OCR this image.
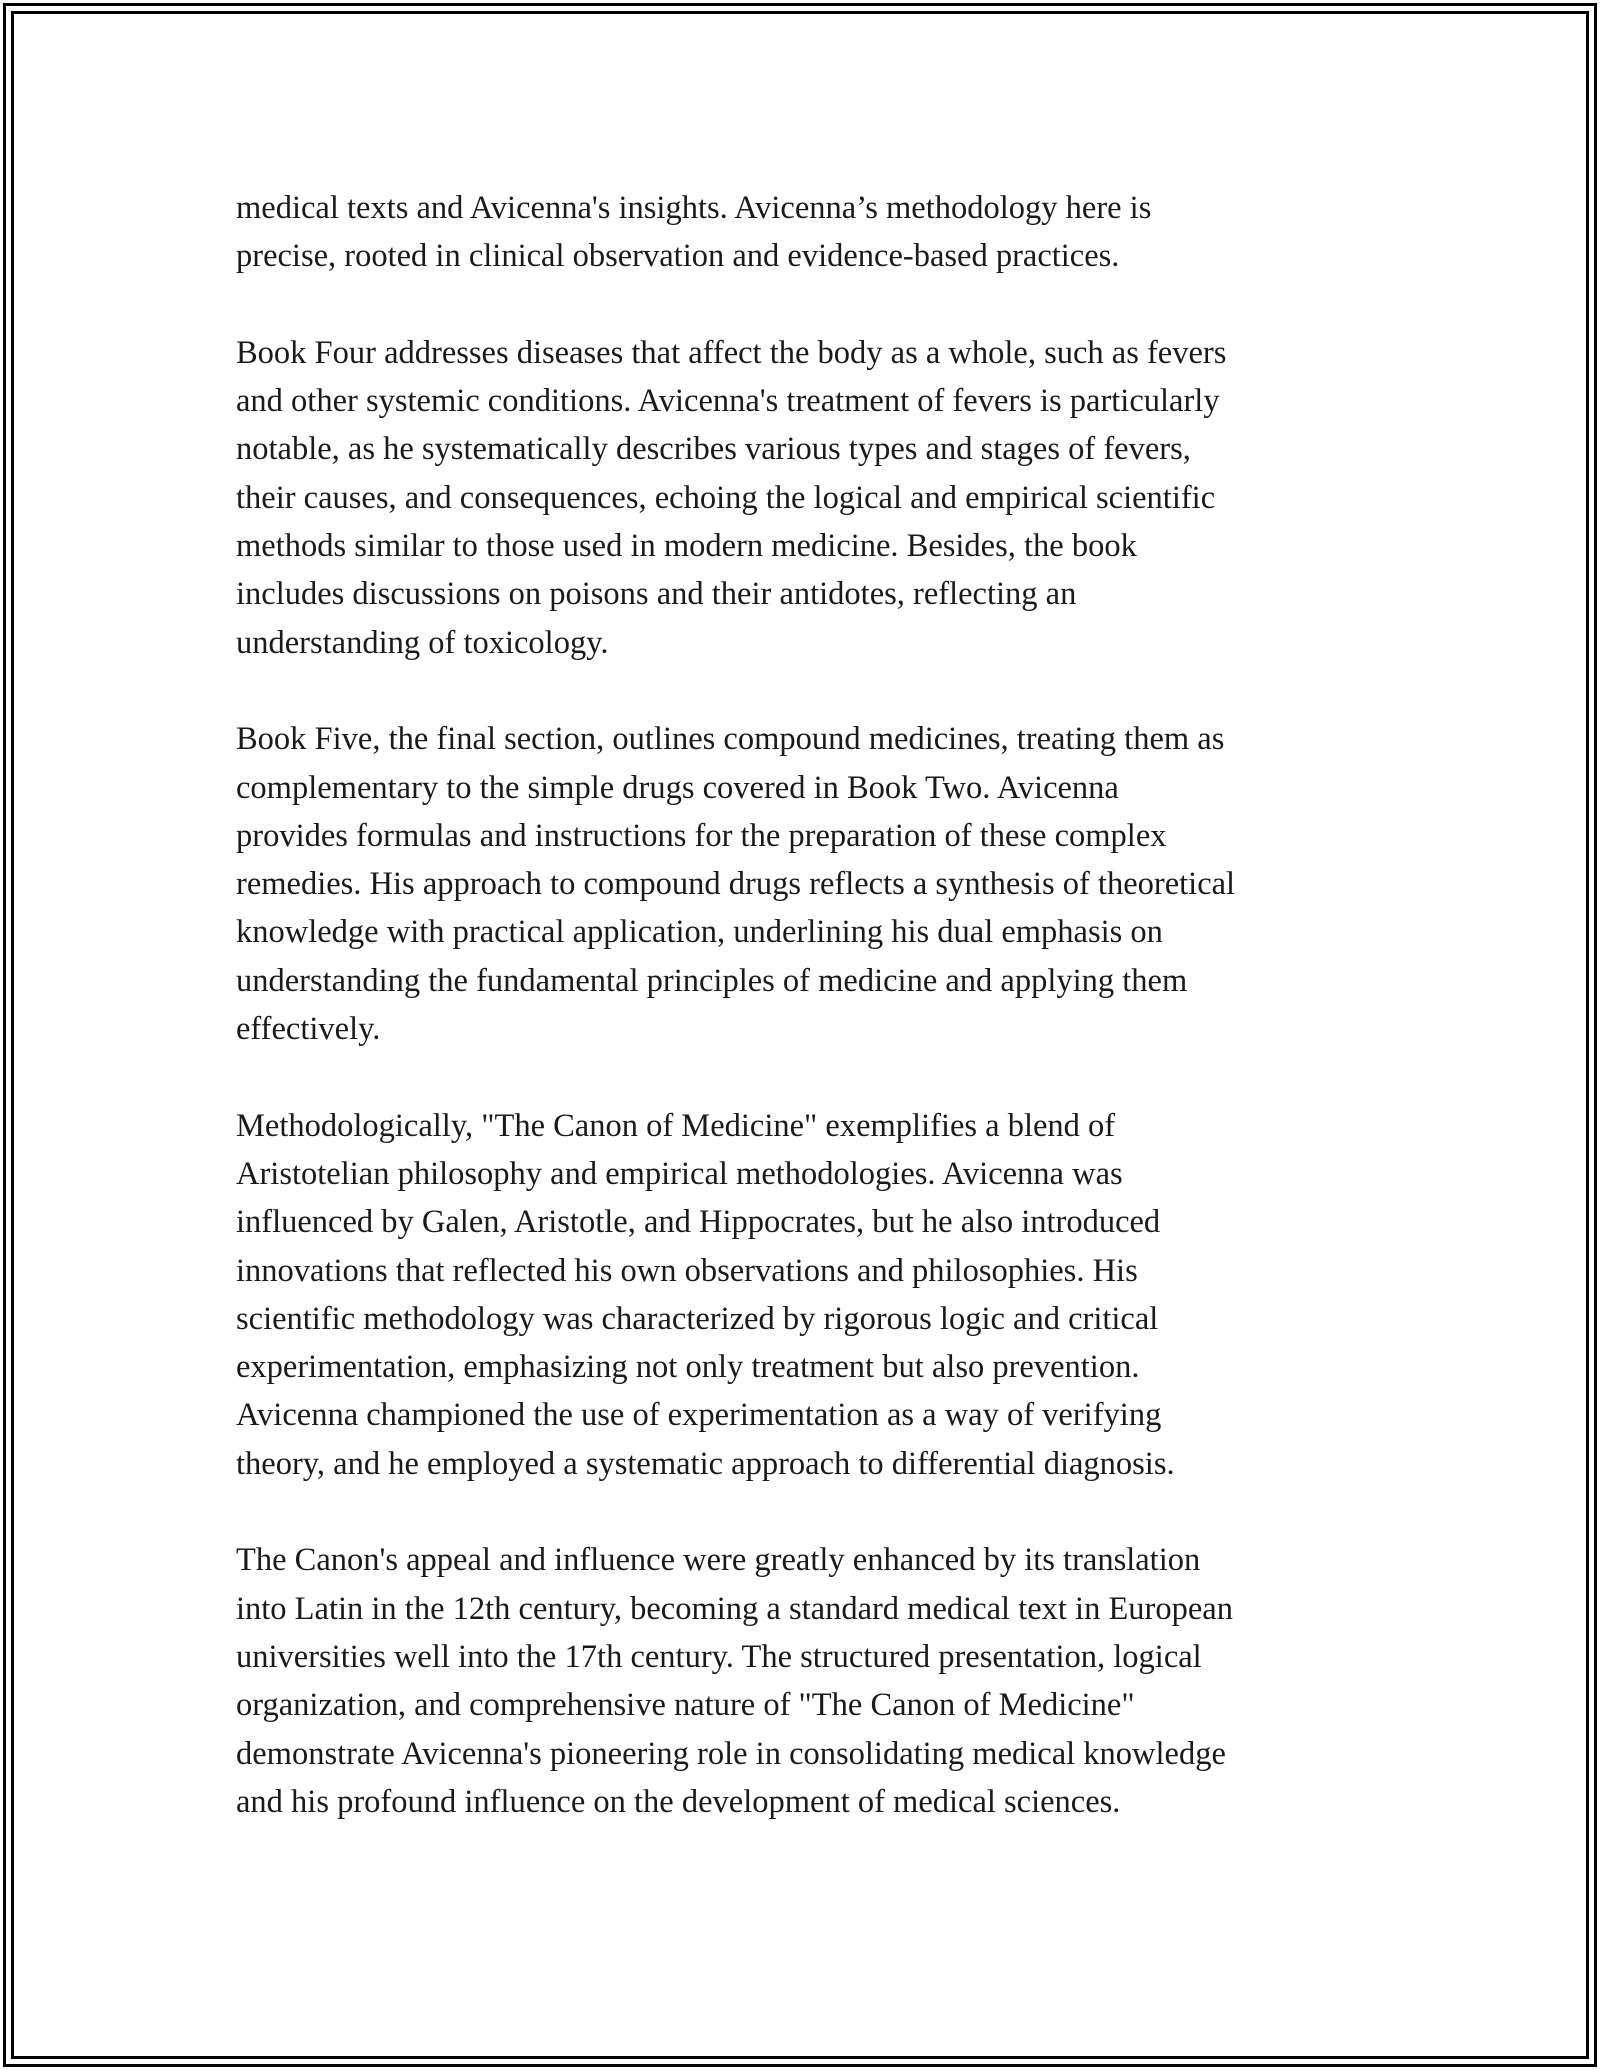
medical texts and Avicenna's insights. Avicenna’s methodology here is
precise, rooted in clinical observation and evidence-based practices.

Book Four addresses diseases that affect the body as a whole, such as fevers
and other systemic conditions. Avicenna's treatment of fevers is particularly
notable, as he systematically describes various types and stages of fevers,
their causes, and consequences, echoing the logical and empirical scientific
methods similar to those used in modern medicine. Besides, the book
includes discussions on poisons and their antidotes, reflecting an
understanding of toxicology.

Book Five, the final section, outlines compound medicines, treating them as
complementary to the simple drugs covered in Book Two. Avicenna
provides formulas and instructions for the preparation of these complex
remedies. His approach to compound drugs reflects a synthesis of theoretical
knowledge with practical application, underlining his dual emphasis on
understanding the fundamental principles of medicine and applying them
effectively.

Methodologically, "The Canon of Medicine" exemplifies a blend of
Aristotelian philosophy and empirical methodologies. Avicenna was
influenced by Galen, Aristotle, and Hippocrates, but he also introduced
innovations that reflected his own observations and philosophies. His
scientific methodology was characterized by rigorous logic and critical
experimentation, emphasizing not only treatment but also prevention.
Avicenna championed the use of experimentation as a way of verifying
theory, and he employed a systematic approach to differential diagnosis.

The Canon's appeal and influence were greatly enhanced by its translation
into Latin in the 12th century, becoming a standard medical text in European
universities well into the 17th century. The structured presentation, logical
organization, and comprehensive nature of "The Canon of Medicine"
demonstrate Avicenna's pioneering role in consolidating medical knowledge
and his profound influence on the development of medical sciences.
